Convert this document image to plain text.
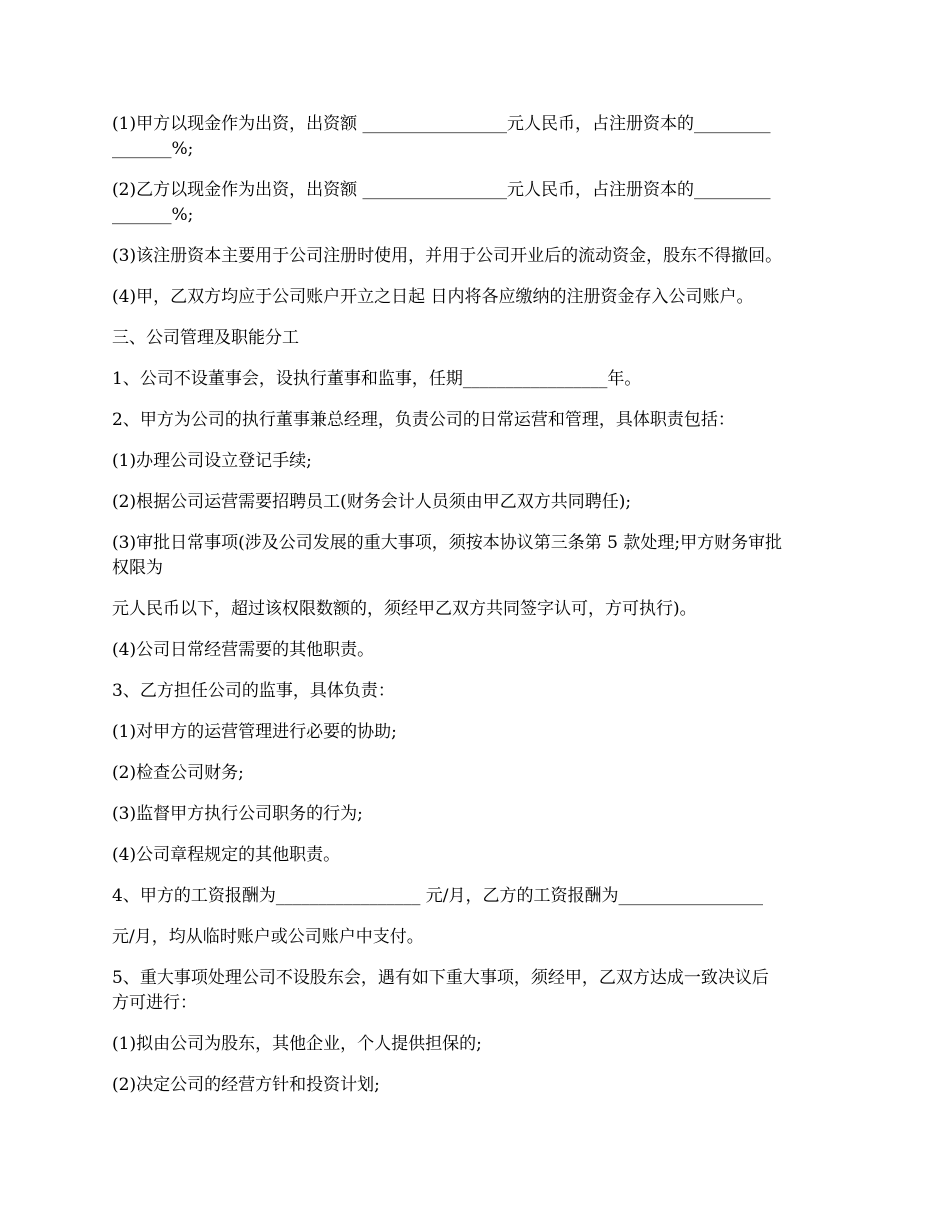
(1)甲方以现金作为出资，出资额 _________________元人民币，占注册资本的_________
_______%;

(2)乙方以现金作为出资，出资额 _________________元人民币，占注册资本的_________
_______%;

(3)该注册资本主要用于公司注册时使用，并用于公司开业后的流动资金，股东不得撤回。

(4)甲，乙双方均应于公司账户开立之日起 日内将各应缴纳的注册资金存入公司账户。

三、公司管理及职能分工

1、公司不设董事会，设执行董事和监事，任期_________________年。

2、甲方为公司的执行董事兼总经理，负责公司的日常运营和管理，具体职责包括：

(1)办理公司设立登记手续;

(2)根据公司运营需要招聘员工(财务会计人员须由甲乙双方共同聘任);

(3)审批日常事项(涉及公司发展的重大事项，须按本协议第三条第 5 款处理;甲方财务审批
权限为

元人民币以下，超过该权限数额的，须经甲乙双方共同签字认可，方可执行)。

(4)公司日常经营需要的其他职责。

3、乙方担任公司的监事，具体负责：

(1)对甲方的运营管理进行必要的协助;

(2)检查公司财务;

(3)监督甲方执行公司职务的行为;

(4)公司章程规定的其他职责。

4、甲方的工资报酬为_________________ 元/月，乙方的工资报酬为_________________

元/月，均从临时账户或公司账户中支付。

5、重大事项处理公司不设股东会，遇有如下重大事项，须经甲，乙双方达成一致决议后
方可进行：

(1)拟由公司为股东，其他企业，个人提供担保的;

(2)决定公司的经营方针和投资计划;
